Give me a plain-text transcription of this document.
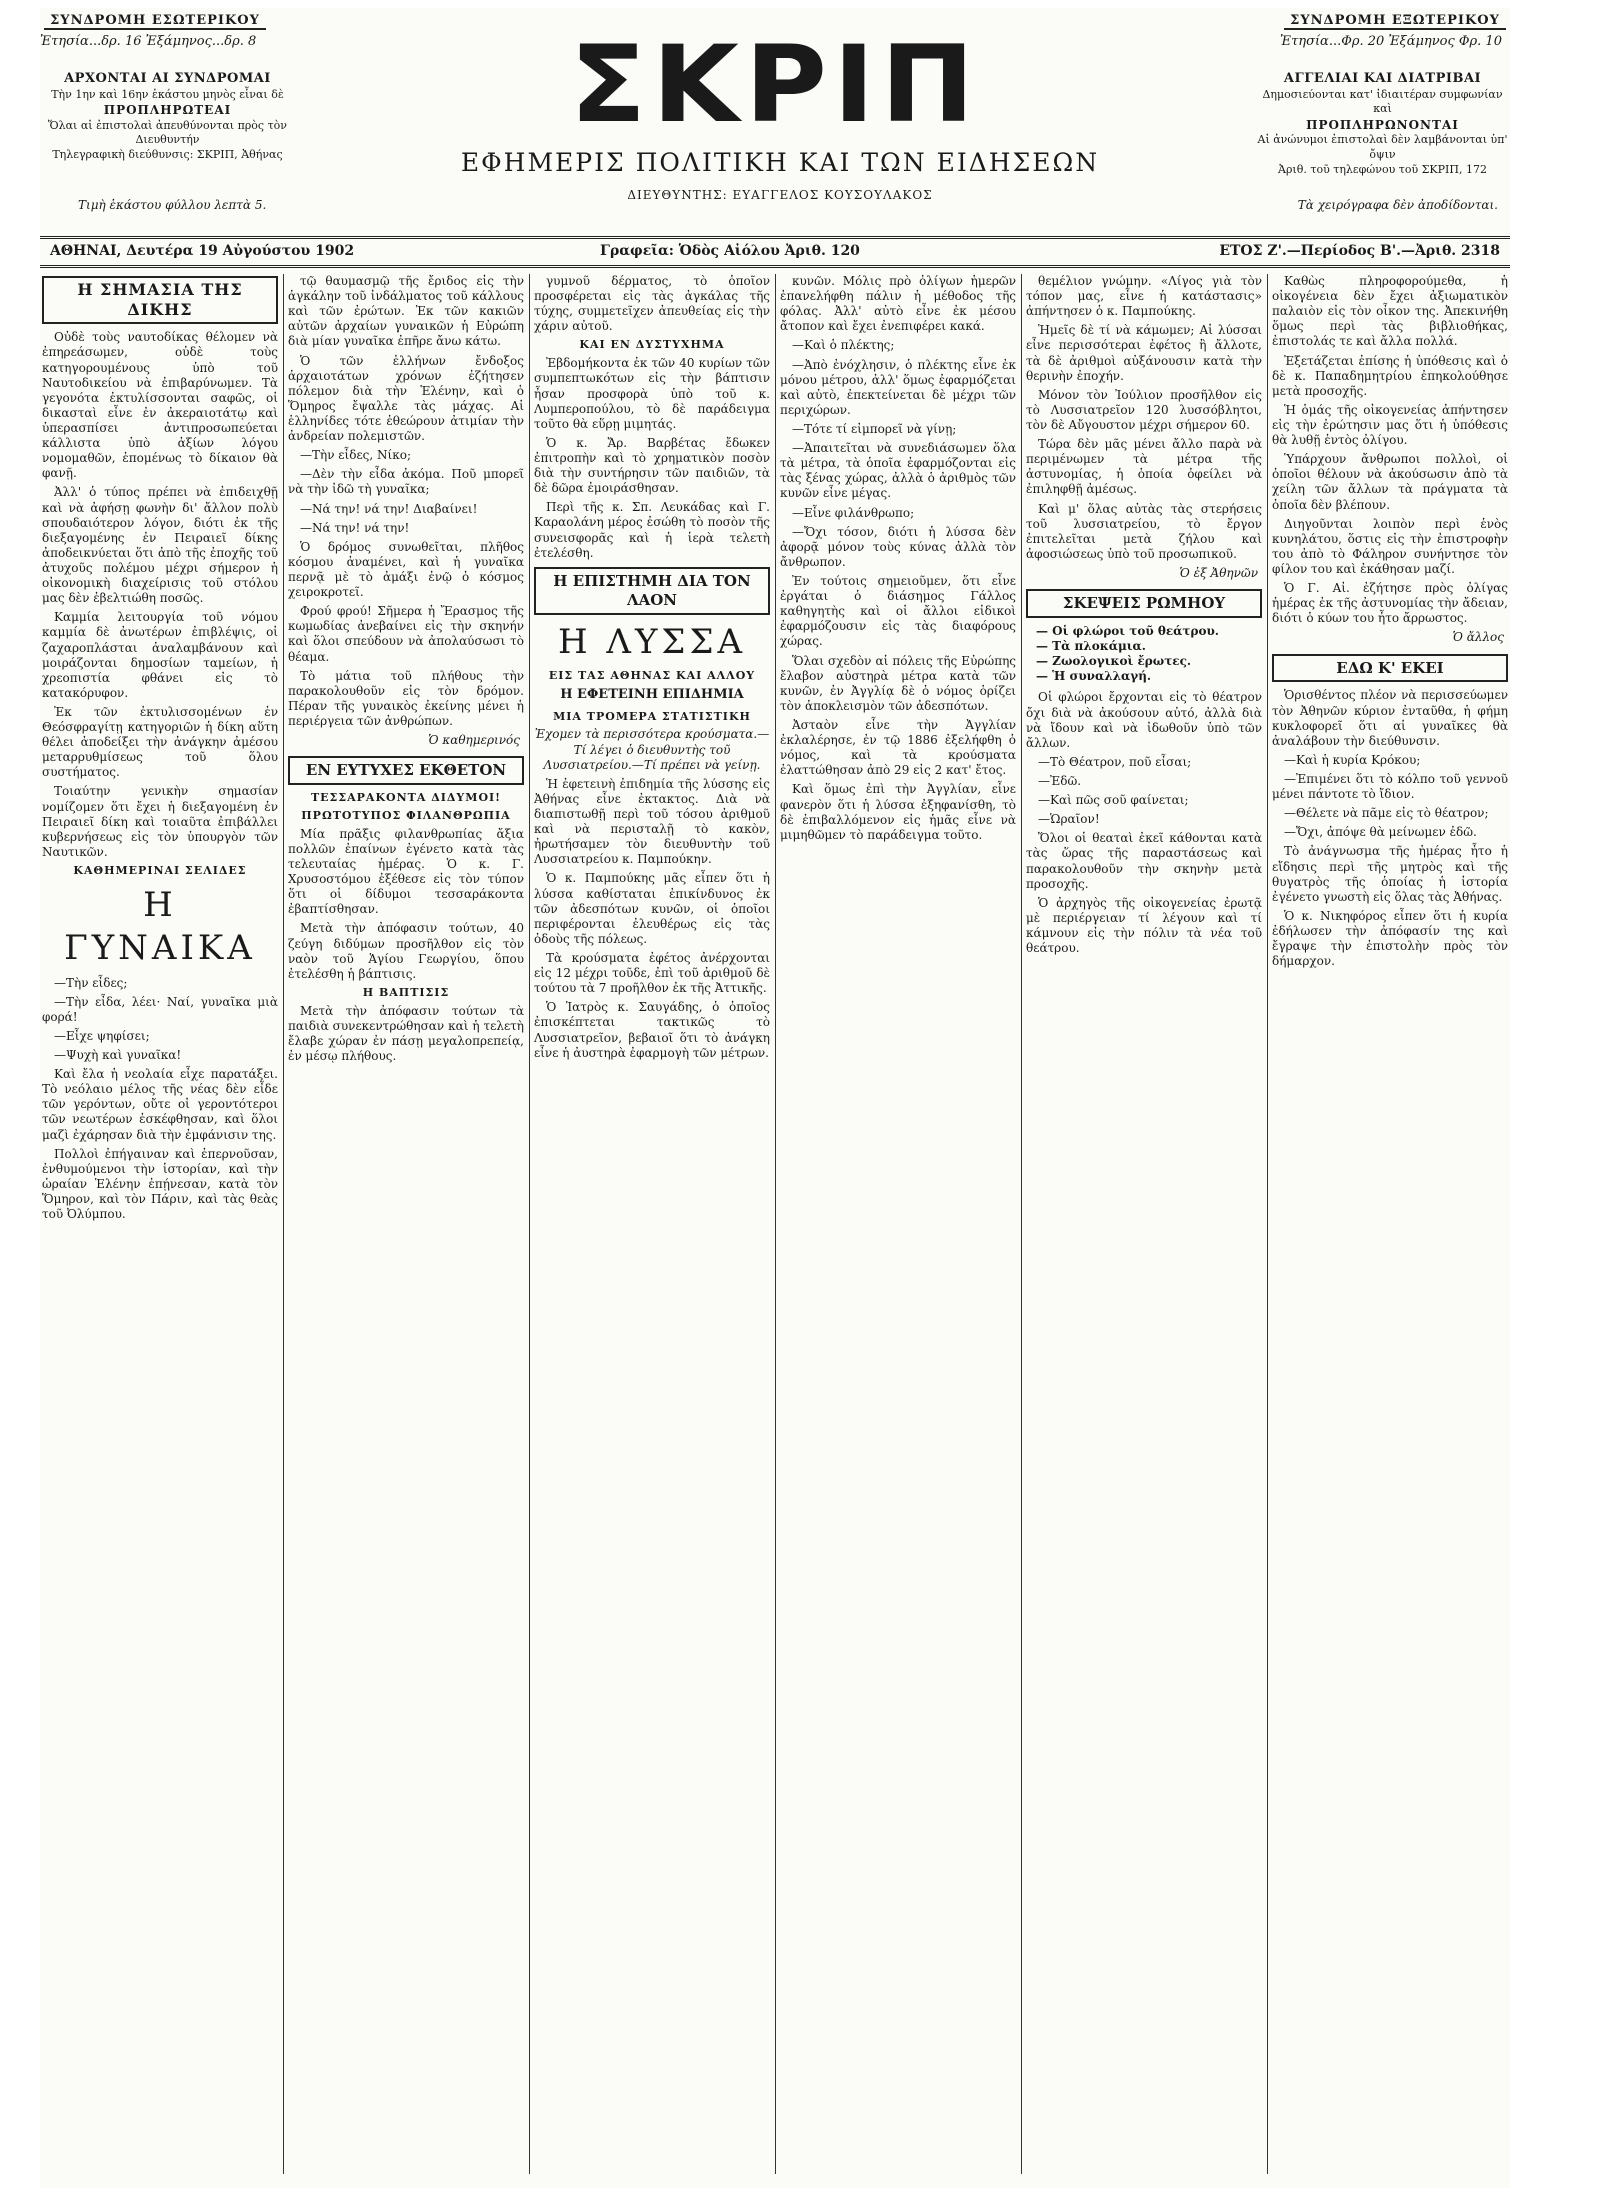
ΣΥΝΔΡΟΜΗ ΕΣΩΤΕΡΙΚΟΥ
Ἐτησία...δρ. 16 Ἐξάμηνος...δρ. 8
ΣΥΝΔΡΟΜΗ ΕΞΩΤΕΡΙΚΟΥ
Ἐτησία...Φρ. 20 Ἐξάμηνος Φρ. 10
ΑΡΧΟΝΤΑΙ ΑΙ ΣΥΝΔΡΟΜΑΙ
Τὴν 1ην καὶ 16ην ἑκάστου μηνὸς εἶναι δὲ
ΠΡΟΠΛΗΡΩΤΕΑΙ
Ὅλαι αἱ ἐπιστολαὶ ἀπευθύνονται πρὸς τὸν Διευθυντήν
Τηλεγραφικὴ διεύθυνσις: ΣΚΡΙΠ, Ἀθήνας
ΑΓΓΕΛΙΑΙ ΚΑΙ ΔΙΑΤΡΙΒΑΙ
Δημοσιεύονται κατ' ἰδιαιτέραν συμφωνίαν καὶ
ΠΡΟΠΛΗΡΩΝΟΝΤΑΙ
Αἱ ἀνώνυμοι ἐπιστολαὶ δὲν λαμβάνονται ὑπ' ὄψιν
Ἀριθ. τοῦ τηλεφώνου τοῦ ΣΚΡΙΠ, 172
Τιμὴ ἑκάστου φύλλου λεπτὰ 5.	Τὰ χειρόγραφα δὲν ἀποδίδονται.
ΣΚΡΙΠ
ΕΦΗΜΕΡΙΣ ΠΟΛΙΤΙΚΗ ΚΑΙ ΤΩΝ ΕΙΔΗΣΕΩΝ
ΔΙΕΥΘΥΝΤΗΣ: ΕΥΑΓΓΕΛΟΣ ΚΟΥΣΟΥΛΑΚΟΣ
ΑΘΗΝΑΙ, Δευτέρα 19 Αὐγούστου 1902	Γραφεῖα: Ὁδὸς Αἰόλου Ἀριθ. 120	ΕΤΟΣ Ζ'.—Περίοδος Β'.—Ἀριθ. 2318
Η ΣΗΜΑΣΙΑ ΤΗΣ ΔΙΚΗΣ

Οὐδὲ τοὺς ναυτοδίκας θέλομεν νὰ ἐπηρεάσωμεν, οὐδὲ τοὺς κατηγορουμένους ὑπὸ τοῦ Ναυτοδικείου νὰ ἐπιβαρύνωμεν. Τὰ γεγονότα ἐκτυλίσσονται σαφῶς, οἱ δικασταὶ εἶνε ἐν ἀκεραιοτάτῳ καὶ ὑπερασπίσει ἀντιπροσωπεύεται κάλλιστα ὑπὸ ἀξίων λόγου νομομαθῶν, ἑπομένως τὸ δίκαιον θὰ φανῇ.

Ἀλλ' ὁ τύπος πρέπει νὰ ἐπιδειχθῇ καὶ νὰ ἀφήσῃ φωνὴν δι' ἄλλον πολὺ σπουδαιότερον λόγον, διότι ἐκ τῆς διεξαγομένης ἐν Πειραιεῖ δίκης ἀποδεικνύεται ὅτι ἀπὸ τῆς ἐποχῆς τοῦ ἀτυχοῦς πολέμου μέχρι σήμερον ἡ οἰκονομικὴ διαχείρισις τοῦ στόλου μας δὲν ἐβελτιώθη ποσῶς.

Καμμία λειτουργία τοῦ νόμου καμμία δὲ ἀνωτέρων ἐπιβλέψις, οἱ ζαχαροπλάσται ἀναλαμβάνουν καὶ μοιράζονται δημοσίων ταμείων, ἡ χρεοπιστία φθάνει εἰς τὸ κατακόρυφον.

Ἐκ τῶν ἐκτυλισσομένων ἐν Θεόσφραγίτῃ κατηγοριῶν ἡ δίκη αὕτη θέλει ἀποδείξει τὴν ἀνάγκην ἀμέσου μεταρρυθμίσεως τοῦ ὅλου συστήματος.

Τοιαύτην γενικὴν σημασίαν νομίζομεν ὅτι ἔχει ἡ διεξαγομένη ἐν Πειραιεῖ δίκη καὶ τοιαῦτα ἐπιβάλλει κυβερνήσεως εἰς τὸν ὑπουργὸν τῶν Ναυτικῶν.

ΚΑΘΗΜΕΡΙΝΑΙ ΣΕΛΙΔΕΣ
Η ΓΥΝΑΙΚΑ

—Τὴν εἶδες;

—Τὴν εἶδα, λέει· Ναί, γυναῖκα μιὰ φορά!

—Εἶχε ψηφίσει;

—Ψυχὴ καὶ γυναῖκα!

Καὶ ἔλα ἡ νεολαία εἶχε παρατάξει. Τὸ νεόλαιο μέλος τῆς νέας δὲν εἶδε τῶν γερόντων, οὔτε οἱ γεροντότεροι τῶν νεωτέρων ἐσκέφθησαν, καὶ ὅλοι μαζὶ ἐχάρησαν διὰ τὴν ἐμφάνισιν της.

Πολλοὶ ἐπήγαιναν καὶ ἐπερνοῦσαν, ἐνθυμούμενοι τὴν ἱστορίαν, καὶ τὴν ὡραίαν Ἑλένην ἐπῄνεσαν, κατὰ τὸν Ὅμηρον, καὶ τὸν Πάριν, καὶ τὰς θεὰς τοῦ Ὀλύμπου.

τῷ θαυμασμῷ τῆς ἔριδος εἰς τὴν ἀγκάλην τοῦ ἰνδάλματος τοῦ κάλλους καὶ τῶν ἐρώτων. Ἐκ τῶν κακιῶν αὐτῶν ἀρχαίων γυναικῶν ἡ Εὐρώπη διὰ μίαν γυναῖκα ἐπῆρε ἄνω κάτω.

Ὁ τῶν ἑλλήνων ἔνδοξος ἀρχαιοτάτων χρόνων ἐζήτησεν πόλεμον διὰ τὴν Ἑλένην, καὶ ὁ Ὅμηρος ἔψαλλε τὰς μάχας. Αἱ ἑλληνίδες τότε ἐθεώρουν ἀτιμίαν τὴν ἀνδρείαν πολεμιστῶν.

—Τὴν εἶδες, Νίκο;

—Δὲν τὴν εἶδα ἀκόμα. Ποῦ μπορεῖ νὰ τὴν ἰδῶ τὴ γυναῖκα;

—Νά την! νά την! Διαβαίνει!

—Νά την! νά την!

Ὁ δρόμος συνωθεῖται, πλῆθος κόσμου ἀναμένει, καὶ ἡ γυναῖκα περνᾷ μὲ τὸ ἀμάξι ἐνῷ ὁ κόσμος χειροκροτεῖ.

Φρού φρού! Σῆμερα ἡ Ἔρασμος τῆς κωμωδίας ἀνεβαίνει εἰς τὴν σκηνήν καὶ ὅλοι σπεύδουν νὰ ἀπολαύσωσι τὸ θέαμα.

Τὸ μάτια τοῦ πλήθους τὴν παρακολουθοῦν εἰς τὸν δρόμον. Πέραν τῆς γυναικὸς ἐκείνης μένει ἡ περιέργεια τῶν ἀνθρώπων.

Ὁ καθημερινός
ΕΝ ΕΥΤΥΧΕΣ ΕΚΘΕΤΟΝ
ΤΕΣΣΑΡΑΚΟΝΤΑ ΔΙΔΥΜΟΙ!
ΠΡΩΤΟΤΥΠΟΣ ΦΙΛΑΝΘΡΩΠΙΑ

Μία πρᾶξις φιλανθρωπίας ἄξια πολλῶν ἐπαίνων ἐγένετο κατὰ τὰς τελευταίας ἡμέρας. Ὁ κ. Γ. Χρυσοστόμου ἐξέθεσε εἰς τὸν τύπον ὅτι οἱ δίδυμοι τεσσαράκοντα ἐβαπτίσθησαν.

Μετὰ τὴν ἀπόφασιν τούτων, 40 ζεύγη διδύμων προσῆλθον εἰς τὸν ναὸν τοῦ Ἁγίου Γεωργίου, ὅπου ἐτελέσθη ἡ βάπτισις.

Η ΒΑΠΤΙΣΙΣ

Μετὰ τὴν ἀπόφασιν τούτων τὰ παιδιὰ συνεκεντρώθησαν καὶ ἡ τελετὴ ἔλαβε χώραν ἐν πάσῃ μεγαλοπρεπείᾳ, ἐν μέσῳ πλήθους.

γυμνοῦ δέρματος, τὸ ὁποῖον προσφέρεται εἰς τὰς ἀγκάλας τῆς τύχης, συμμετεῖχεν ἀπευθείας εἰς τὴν χάριν αὐτοῦ.

ΚΑΙ ΕΝ ΔΥΣΤΥΧΗΜΑ

Ἐβδομήκοντα ἐκ τῶν 40 κυρίων τῶν συμπεπτωκότων εἰς τὴν βάπτισιν ἦσαν προσφορὰ ὑπὸ τοῦ κ. Λυμπεροπούλου, τὸ δὲ παράδειγμα τοῦτο θὰ εὕρῃ μιμητάς.

Ὁ κ. Ἄρ. Βαρβέτας ἔδωκεν ἐπιτροπὴν καὶ τὸ χρηματικὸν ποσὸν διὰ τὴν συντήρησιν τῶν παιδιῶν, τὰ δὲ δῶρα ἐμοιράσθησαν.

Περὶ τῆς κ. Σπ. Λευκάδας καὶ Γ. Καραολάνη μέρος ἐσώθη τὸ ποσὸν τῆς συνεισφορᾶς καὶ ἡ ἱερὰ τελετὴ ἐτελέσθη.

Η ΕΠΙΣΤΗΜΗ ΔΙΑ ΤΟΝ ΛΑΟΝ
Η ΛΥΣΣΑ
ΕΙΣ ΤΑΣ ΑΘΗΝΑΣ ΚΑΙ ΑΛΛΟΥ
Η ΕΦΕΤΕΙΝΗ ΕΠΙΔΗΜΙΑ
ΜΙΑ ΤΡΟΜΕΡΑ ΣΤΑΤΙΣΤΙΚΗ

Ἐχομεν τὰ περισσότερα κρούσματα.—Τί λέγει ὁ διευθυντὴς τοῦ Λυσσιατρείου.—Τί πρέπει νὰ γείνῃ.

Ἡ ἐφετεινὴ ἐπιδημία τῆς λύσσης εἰς Ἀθήνας εἶνε ἐκτακτος. Διὰ νὰ διαπιστωθῇ περὶ τοῦ τόσου ἀριθμοῦ καὶ νὰ περισταλῇ τὸ κακὸν, ἠρωτήσαμεν τὸν διευθυντὴν τοῦ Λυσσιατρείου κ. Παμπούκην.

Ὁ κ. Παμπούκης μᾶς εἶπεν ὅτι ἡ λύσσα καθίσταται ἐπικίνδυνος ἐκ τῶν ἀδεσπότων κυνῶν, οἱ ὁποῖοι περιφέρονται ἐλευθέρως εἰς τὰς ὁδοὺς τῆς πόλεως.

Τὰ κρούσματα ἐφέτος ἀνέρχονται εἰς 12 μέχρι τοῦδε, ἐπὶ τοῦ ἀριθμοῦ δὲ τούτου τὰ 7 προῆλθον ἐκ τῆς Ἀττικῆς.

Ὁ Ἰατρὸς κ. Σαυγάδης, ὁ ὁποῖος ἐπισκέπτεται τακτικῶς τὸ Λυσσιατρεῖον, βεβαιοῖ ὅτι τὸ ἀνάγκη εἶνε ἡ ἀυστηρὰ ἐφαρμογὴ τῶν μέτρων.

κυνῶν. Μόλις πρὸ ὀλίγων ἡμερῶν ἐπανελήφθη πάλιν ἡ μέθοδος τῆς φόλας. Ἀλλ' αὐτὸ εἶνε ἐκ μέσου ἄτοπον καὶ ἔχει ἐνεπιφέρει κακά.

—Καὶ ὁ πλέκτης;

—Ἀπὸ ἐνόχλησιν, ὁ πλέκτης εἶνε ἐκ μόνου μέτρου, ἀλλ' ὅμως ἐφαρμόζεται καὶ αὐτὸ, ἐπεκτείνεται δὲ μέχρι τῶν περιχώρων.

—Τότε τί εἰμπορεῖ νὰ γίνῃ;

—Ἀπαιτεῖται νὰ συνεδιάσωμεν ὅλα τὰ μέτρα, τὰ ὁποῖα ἐφαρμόζονται εἰς τὰς ξένας χώρας, ἀλλὰ ὁ ἀριθμὸς τῶν κυνῶν εἶνε μέγας.

—Εἶνε φιλάνθρωπο;

—Ὄχι τόσον, διότι ἡ λύσσα δὲν ἀφορᾷ μόνον τοὺς κύνας ἀλλὰ τὸν ἄνθρωπον.

Ἐν τούτοις σημειοῦμεν, ὅτι εἶνε ἐργάται ὁ διάσημος Γάλλος καθηγητὴς καὶ οἱ ἄλλοι εἰδικοὶ ἐφαρμόζουσιν εἰς τὰς διαφόρους χώρας.

Ὅλαι σχεδὸν αἱ πόλεις τῆς Εὐρώπης ἔλαβον αὐστηρὰ μέτρα κατὰ τῶν κυνῶν, ἐν Ἀγγλίᾳ δὲ ὁ νόμος ὁρίζει τὸν ἀποκλεισμὸν τῶν ἀδεσπότων.

Ἀσταὸν εἶνε τὴν Ἀγγλίαν ἐκλαλέρησε, ἐν τῷ 1886 ἐξελήφθη ὁ νόμος, καὶ τὰ κρούσματα ἐλαττώθησαν ἀπὸ 29 εἰς 2 κατ' ἔτος.

Καὶ ὅμως ἐπὶ τὴν Ἀγγλίαν, εἶνε φανερὸν ὅτι ἡ λύσσα ἐξηφανίσθη, τὸ δὲ ἐπιβαλλόμενον εἰς ἡμᾶς εἶνε νὰ μιμηθῶμεν τὸ παράδειγμα τοῦτο.

θεμέλιον γνώμην. «Λίγος γιὰ τὸν τόπον μας, εἶνε ἡ κατάστασις» ἀπήντησεν ὁ κ. Παμπούκης.

Ἡμεῖς δὲ τί νὰ κάμωμεν; Αἱ λύσσαι εἶνε περισσότεραι ἐφέτος ἢ ἄλλοτε, τὰ δὲ ἀριθμοὶ αὐξάνουσιν κατὰ τὴν θερινὴν ἐποχήν.

Μόνον τὸν Ἰούλιον προσῆλθον εἰς τὸ Λυσσιατρεῖον 120 λυσσόβλητοι, τὸν δὲ Αὔγουστον μέχρι σήμερον 60.

Τώρα δὲν μᾶς μένει ἄλλο παρὰ νὰ περιμένωμεν τὰ μέτρα τῆς ἀστυνομίας, ἡ ὁποία ὀφείλει νὰ ἐπιληφθῇ ἀμέσως.

Καὶ μ' ὅλας αὐτὰς τὰς στερήσεις τοῦ λυσσιατρείου, τὸ ἔργον ἐπιτελεῖται μετὰ ζήλου καὶ ἀφοσιώσεως ὑπὸ τοῦ προσωπικοῦ.

Ὁ ἐξ Ἀθηνῶν
ΣΚΕΨΕΙΣ ΡΩΜΗΟΥ
— Οἱ φλώροι τοῦ θεάτρου.
— Τὰ πλοκάμια.
— Ζωολογικοὶ ἔρωτες.
— Ἡ συναλλαγή.

Οἱ φλώροι ἔρχονται εἰς τὸ θέατρον ὄχι διὰ νὰ ἀκούσουν αὐτό, ἀλλὰ διὰ νὰ ἴδουν καὶ νὰ ἰδωθοῦν ὑπὸ τῶν ἄλλων.

—Τὸ Θέατρον, ποῦ εἶσαι;

—Ἐδῶ.

—Καὶ πῶς σοῦ φαίνεται;

—Ὡραῖον!

Ὅλοι οἱ θεαταὶ ἐκεῖ κάθονται κατὰ τὰς ὥρας τῆς παραστάσεως καὶ παρακολουθοῦν τὴν σκηνὴν μετὰ προσοχῆς.

Ὁ ἀρχηγὸς τῆς οἰκογενείας ἐρωτᾷ μὲ περιέργειαν τί λέγουν καὶ τί κάμνουν εἰς τὴν πόλιν τὰ νέα τοῦ θεάτρου.

Καθὼς πληροφορούμεθα, ἡ οἰκογένεια δὲν ἔχει ἀξιωματικὸν παλαιὸν εἰς τὸν οἶκον της. Ἀπεκινήθη ὅμως περὶ τὰς βιβλιοθήκας, ἐπιστολάς τε καὶ ἄλλα πολλά.

Ἐξετάζεται ἐπίσης ἡ ὑπόθεσις καὶ ὁ δὲ κ. Παπαδημητρίου ἐπηκολούθησε μετὰ προσοχῆς.

Ἡ ὁμάς τῆς οἰκογενείας ἀπήντησεν εἰς τὴν ἐρώτησιν μας ὅτι ἡ ὑπόθεσις θὰ λυθῇ ἐντὸς ὀλίγου.

Ὑπάρχουν ἄνθρωποι πολλοὶ, οἱ ὁποῖοι θέλουν νὰ ἀκούσωσιν ἀπὸ τὰ χείλη τῶν ἄλλων τὰ πράγματα τὰ ὁποῖα δὲν βλέπουν.

Διηγοῦνται λοιπὸν περὶ ἑνὸς κυνηλάτου, ὅστις εἰς τὴν ἐπιστροφὴν του ἀπὸ τὸ Φάληρον συνήντησε τὸν φίλον του καὶ ἐκάθησαν μαζί.

Ὁ Γ. Αἰ. ἐζήτησε πρὸς ὀλίγας ἡμέρας ἐκ τῆς ἀστυνομίας τὴν ἄδειαν, διότι ὁ κύων του ἦτο ἄρρωστος.

Ὁ ἄλλος
ΕΔΩ Κ' ΕΚΕΙ

Ὁρισθέντος πλέον νὰ περισσεύωμεν τὸν Ἀθηνῶν κύριον ἐνταῦθα, ἡ φήμη κυκλοφορεῖ ὅτι αἱ γυναῖκες θὰ ἀναλάβουν τὴν διεύθυνσιν.

—Καὶ ἡ κυρία Κρόκου;

—Ἐπιμένει ὅτι τὸ κόλπο τοῦ γεννοῦ μένει πάντοτε τὸ ἴδιον.

—Θέλετε νὰ πᾶμε εἰς τὸ θέατρον;

—Ὄχι, ἀπόψε θὰ μείνωμεν ἐδῶ.

Τὸ ἀνάγνωσμα τῆς ἡμέρας ἦτο ἡ εἴδησις περὶ τῆς μητρὸς καὶ τῆς θυγατρὸς τῆς ὁποίας ἡ ἱστορία ἐγένετο γνωστὴ εἰς ὅλας τὰς Ἀθήνας.

Ὁ κ. Νικηφόρος εἶπεν ὅτι ἡ κυρία ἐδήλωσεν τὴν ἀπόφασίν της καὶ ἔγραψε τὴν ἐπιστολὴν πρὸς τὸν δήμαρχον.
